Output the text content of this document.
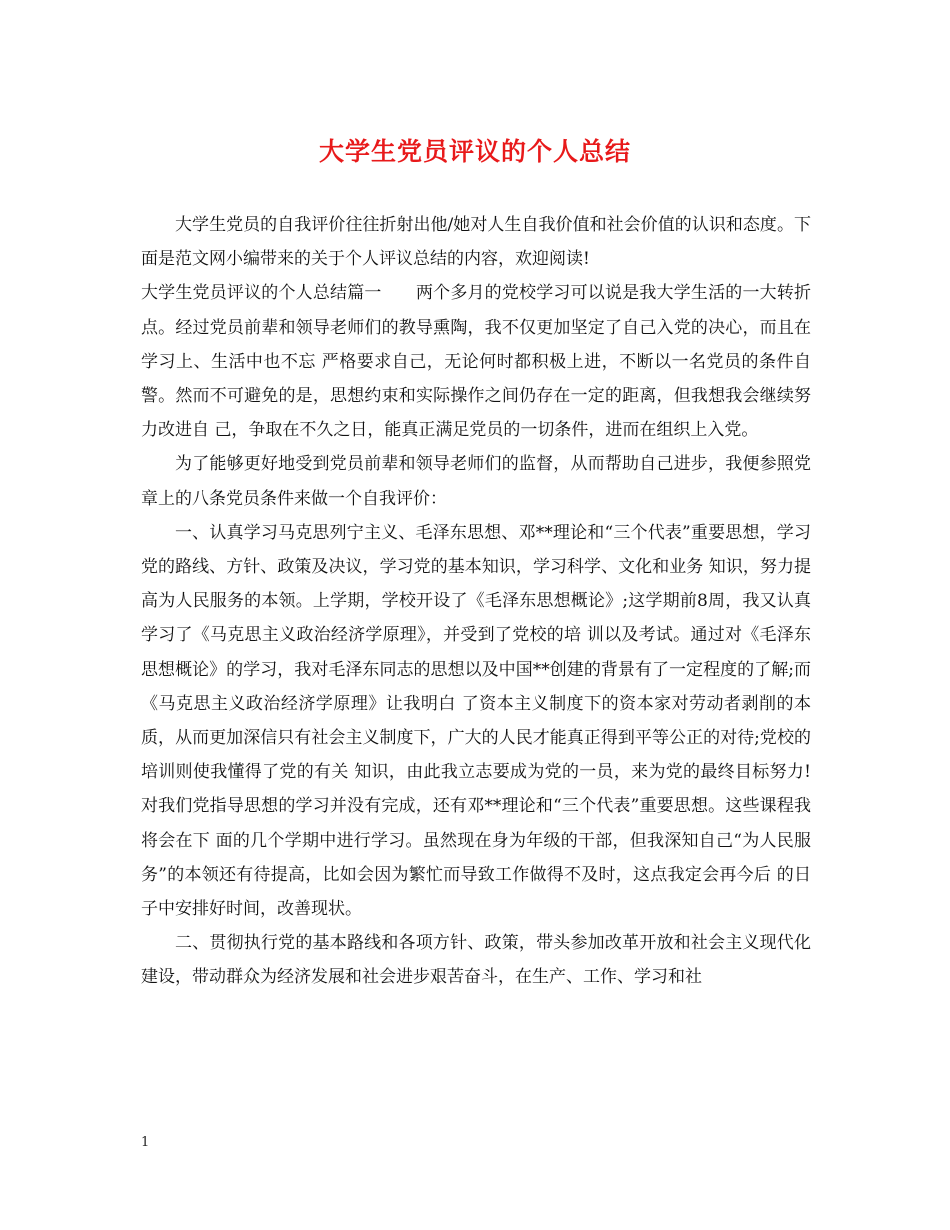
大学生党员评议的个人总结

大学生党员的自我评价往往折射出他/她对人生自我价值和社会价值的认识和态度。下面是范文网小编带来的关于个人评议总结的内容，欢迎阅读!

大学生党员评议的个人总结篇一　　两个多月的党校学习可以说是我大学生活的一大转折点。经过党员前辈和领导老师们的教导熏陶，我不仅更加坚定了自己入党的决心，而且在学习上、生活中也不忘 严格要求自己，无论何时都积极上进，不断以一名党员的条件自警。然而不可避免的是，思想约束和实际操作之间仍存在一定的距离，但我想我会继续努力改进自 己，争取在不久之日，能真正满足党员的一切条件，进而在组织上入党。

为了能够更好地受到党员前辈和领导老师们的监督，从而帮助自己进步，我便参照党章上的八条党员条件来做一个自我评价：

一、认真学习马克思列宁主义、毛泽东思想、邓**理论和“三个代表”重要思想，学习党的路线、方针、政策及决议，学习党的基本知识，学习科学、文化和业务 知识，努力提高为人民服务的本领。上学期，学校开设了《毛泽东思想概论》;这学期前8周，我又认真学习了《马克思主义政治经济学原理》，并受到了党校的培 训以及考试。通过对《毛泽东思想概论》的学习，我对毛泽东同志的思想以及中国**创建的背景有了一定程度的了解;而《马克思主义政治经济学原理》让我明白 了资本主义制度下的资本家对劳动者剥削的本质，从而更加深信只有社会主义制度下，广大的人民才能真正得到平等公正的对待;党校的培训则使我懂得了党的有关 知识，由此我立志要成为党的一员，来为党的最终目标努力!对我们党指导思想的学习并没有完成，还有邓**理论和“三个代表”重要思想。这些课程我将会在下 面的几个学期中进行学习。虽然现在身为年级的干部，但我深知自己“为人民服务”的本领还有待提高，比如会因为繁忙而导致工作做得不及时，这点我定会再今后 的日子中安排好时间，改善现状。

二、贯彻执行党的基本路线和各项方针、政策，带头参加改革开放和社会主义现代化建设，带动群众为经济发展和社会进步艰苦奋斗，在生产、工作、学习和社

1
